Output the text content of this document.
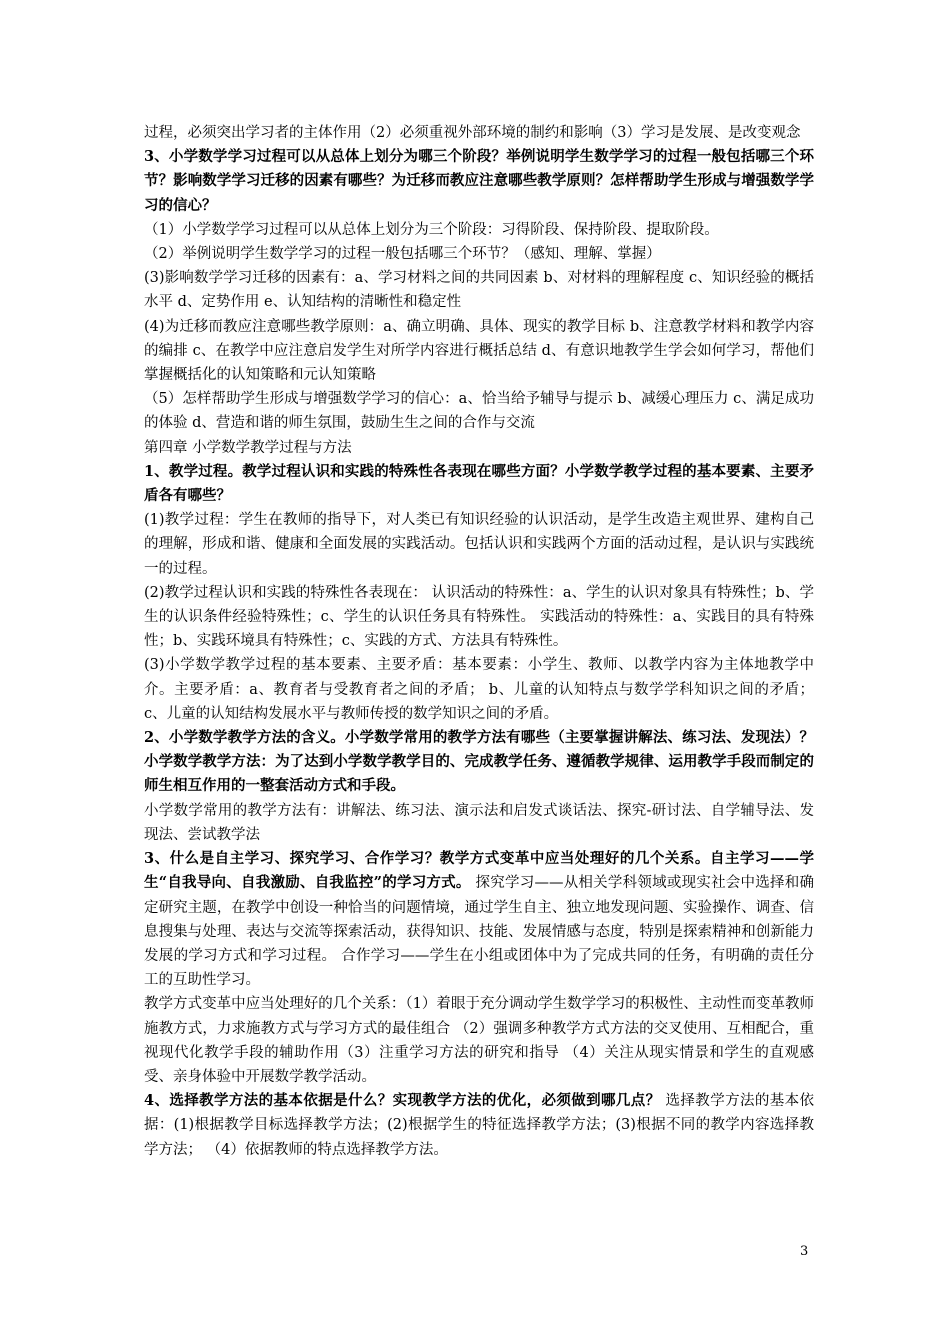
过程，必须突出学习者的主体作用（2）必须重视外部环境的制约和影响（3）学习是发展、是改变观念

3、小学数学学习过程可以从总体上划分为哪三个阶段？举例说明学生数学学习的过程一般包括哪三个环节？影响数学学习迁移的因素有哪些？为迁移而教应注意哪些教学原则？怎样帮助学生形成与增强数学学习的信心？

（1）小学数学学习过程可以从总体上划分为三个阶段：习得阶段、保持阶段、提取阶段。

（2）举例说明学生数学学习的过程一般包括哪三个环节？（感知、理解、掌握）

(3)影响数学学习迁移的因素有：a、学习材料之间的共同因素 b、对材料的理解程度 c、知识经验的概括水平 d、定势作用 e、认知结构的清晰性和稳定性

(4)为迁移而教应注意哪些教学原则：a、确立明确、具体、现实的教学目标 b、注意教学材料和教学内容的编排 c、在教学中应注意启发学生对所学内容进行概括总结 d、有意识地教学生学会如何学习，帮他们掌握概括化的认知策略和元认知策略

（5）怎样帮助学生形成与增强数学学习的信心：a、恰当给予辅导与提示 b、减缓心理压力 c、满足成功的体验 d、营造和谐的师生氛围，鼓励生生之间的合作与交流

第四章 小学数学教学过程与方法

1、教学过程。教学过程认识和实践的特殊性各表现在哪些方面？小学数学教学过程的基本要素、主要矛盾各有哪些？

(1)教学过程：学生在教师的指导下，对人类已有知识经验的认识活动，是学生改造主观世界、建构自己的理解，形成和谐、健康和全面发展的实践活动。包括认识和实践两个方面的活动过程，是认识与实践统一的过程。

(2)教学过程认识和实践的特殊性各表现在： 认识活动的特殊性：a、学生的认识对象具有特殊性；b、学生的认识条件经验特殊性；c、学生的认识任务具有特殊性。 实践活动的特殊性：a、实践目的具有特殊性；b、实践环境具有特殊性；c、实践的方式、方法具有特殊性。

(3)小学数学教学过程的基本要素、主要矛盾：基本要素：小学生、教师、以教学内容为主体地教学中介。主要矛盾：a、教育者与受教育者之间的矛盾； b、儿童的认知特点与数学学科知识之间的矛盾； c、儿童的认知结构发展水平与教师传授的数学知识之间的矛盾。

2、小学数学教学方法的含义。小学数学常用的教学方法有哪些（主要掌握讲解法、练习法、发现法）？ 小学数学教学方法：为了达到小学数学教学目的、完成教学任务、遵循教学规律、运用教学手段而制定的师生相互作用的一整套活动方式和手段。

小学数学常用的教学方法有：讲解法、练习法、演示法和启发式谈话法、探究-研讨法、自学辅导法、发现法、尝试教学法

3、什么是自主学习、探究学习、合作学习？教学方式变革中应当处理好的几个关系。自主学习——学生“自我导向、自我激励、自我监控”的学习方式。 探究学习——从相关学科领域或现实社会中选择和确定研究主题，在教学中创设一种恰当的问题情境，通过学生自主、独立地发现问题、实验操作、调查、信息搜集与处理、表达与交流等探索活动，获得知识、技能、发展情感与态度，特别是探索精神和创新能力发展的学习方式和学习过程。 合作学习——学生在小组或团体中为了完成共同的任务，有明确的责任分工的互助性学习。

教学方式变革中应当处理好的几个关系：（1）着眼于充分调动学生数学学习的积极性、主动性而变革教师施教方式，力求施教方式与学习方式的最佳组合 （2）强调多种教学方式方法的交叉使用、互相配合，重视现代化教学手段的辅助作用（3）注重学习方法的研究和指导 （4）关注从现实情景和学生的直观感受、亲身体验中开展数学教学活动。

4、选择教学方法的基本依据是什么？实现教学方法的优化，必须做到哪几点？ 选择教学方法的基本依据：(1)根据教学目标选择教学方法；(2)根据学生的特征选择教学方法；(3)根据不同的教学内容选择教学方法； （4）依据教师的特点选择教学方法。

3
